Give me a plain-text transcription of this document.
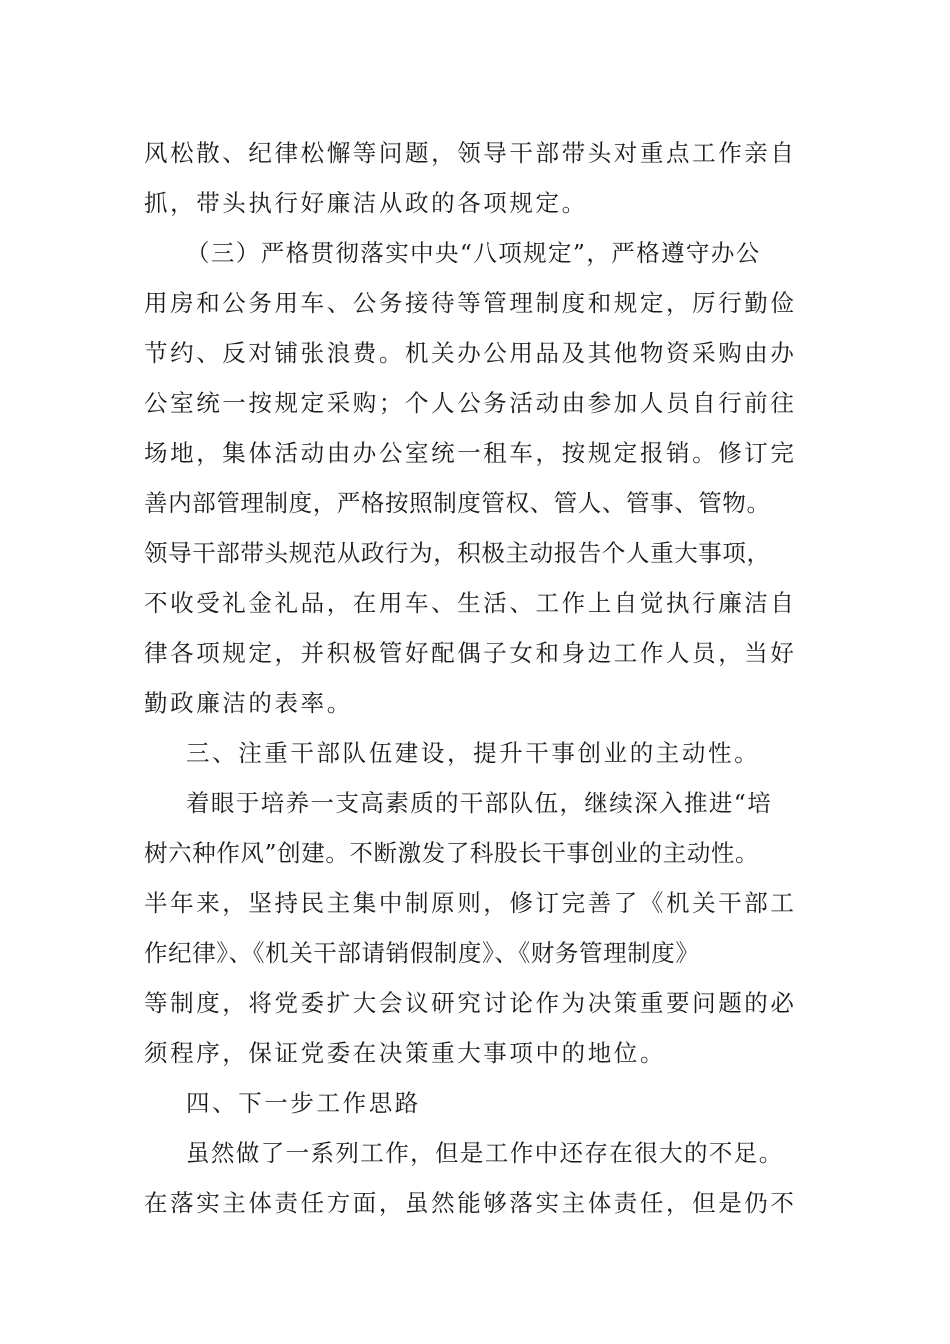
风松散、纪律松懈等问题，领导干部带头对重点工作亲自
抓，带头执行好廉洁从政的各项规定。
（三）严格贯彻落实中央“八项规定”，严格遵守办公
用房和公务用车、公务接待等管理制度和规定，厉行勤俭
节约、反对铺张浪费。机关办公用品及其他物资采购由办
公室统一按规定采购；个人公务活动由参加人员自行前往
场地，集体活动由办公室统一租车，按规定报销。修订完
善内部管理制度，严格按照制度管权、管人、管事、管物。
领导干部带头规范从政行为，积极主动报告个人重大事项，
不收受礼金礼品，在用车、生活、工作上自觉执行廉洁自
律各项规定，并积极管好配偶子女和身边工作人员，当好
勤政廉洁的表率。
三、注重干部队伍建设，提升干事创业的主动性。
着眼于培养一支高素质的干部队伍，继续深入推进“培
树六种作风”创建。不断激发了科股长干事创业的主动性。
半年来，坚持民主集中制原则，修订完善了《机关干部工
作纪律》、《机关干部请销假制度》、《财务管理制度》
等制度，将党委扩大会议研究讨论作为决策重要问题的必
须程序，保证党委在决策重大事项中的地位。
四、下一步工作思路
虽然做了一系列工作，但是工作中还存在很大的不足。
在落实主体责任方面，虽然能够落实主体责任，但是仍不
